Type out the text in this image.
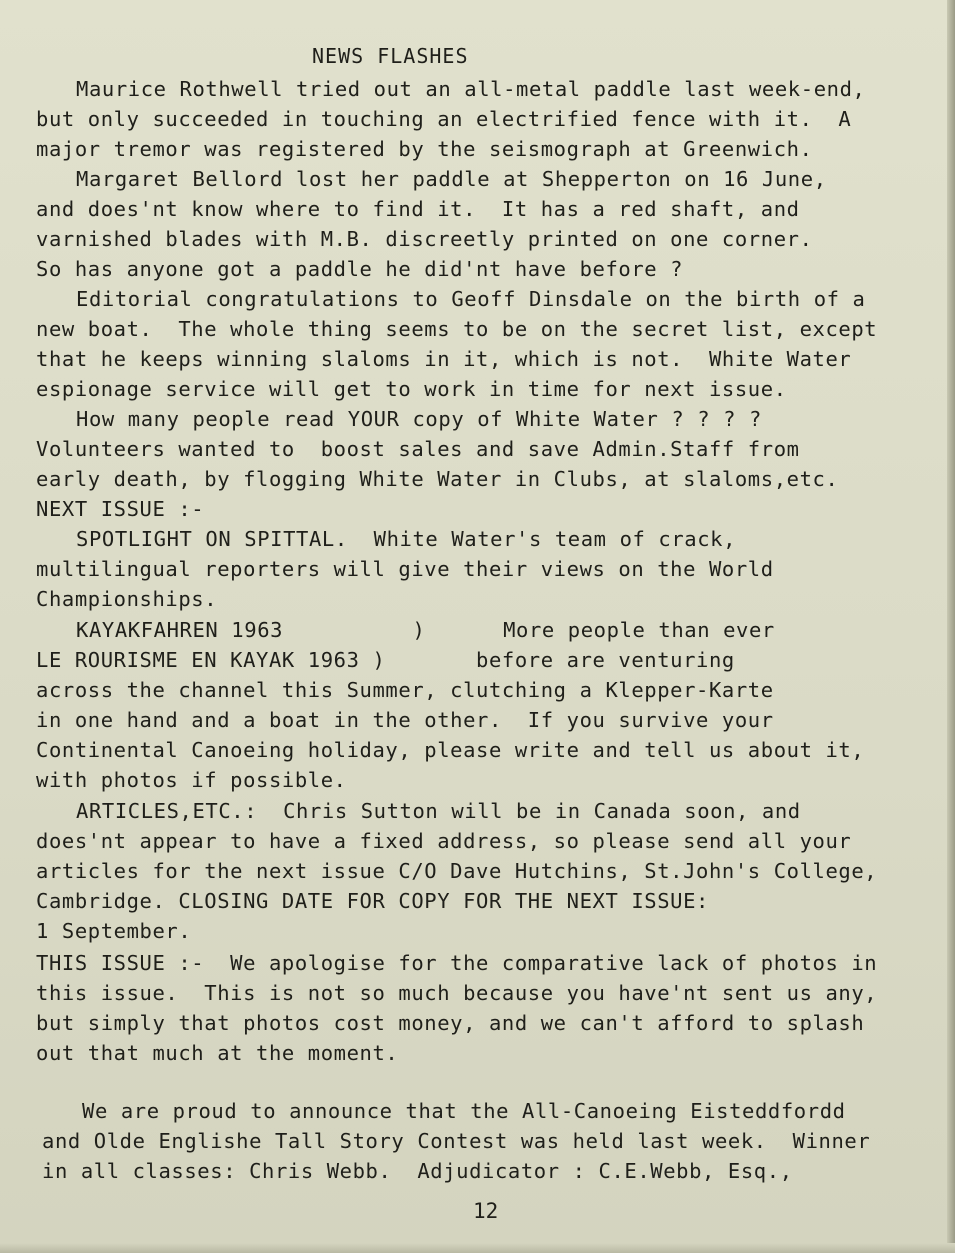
NEWS FLASHES
Maurice Rothwell tried out an all-metal paddle last week-end,
but only succeeded in touching an electrified fence with it.  A
major tremor was registered by the seismograph at Greenwich.
Margaret Bellord lost her paddle at Shepperton on 16 June,
and does'nt know where to find it.  It has a red shaft, and
varnished blades with M.B. discreetly printed on one corner.
So has anyone got a paddle he did'nt have before ?
Editorial congratulations to Geoff Dinsdale on the birth of a
new boat.  The whole thing seems to be on the secret list, except
that he keeps winning slaloms in it, which is not.  White Water
espionage service will get to work in time for next issue.
How many people read YOUR copy of White Water ? ? ? ?
Volunteers wanted to  boost sales and save Admin.Staff from
early death, by flogging White Water in Clubs, at slaloms,etc.
NEXT ISSUE :-
SPOTLIGHT ON SPITTAL.  White Water's team of crack,
multilingual reporters will give their views on the World
Championships.
KAYAKFAHREN 1963          )      More people than ever
LE ROURISME EN KAYAK 1963 )       before are venturing
across the channel this Summer, clutching a Klepper-Karte
in one hand and a boat in the other.  If you survive your
Continental Canoeing holiday, please write and tell us about it,
with photos if possible.
ARTICLES,ETC.:  Chris Sutton will be in Canada soon, and
does'nt appear to have a fixed address, so please send all your
articles for the next issue C/O Dave Hutchins, St.John's College,
Cambridge. CLOSING DATE FOR COPY FOR THE NEXT ISSUE:
1 September.
THIS ISSUE :-  We apologise for the comparative lack of photos in
this issue.  This is not so much because you have'nt sent us any,
but simply that photos cost money, and we can't afford to splash
out that much at the moment.
We are proud to announce that the All-Canoeing Eisteddfordd
and Olde Englishe Tall Story Contest was held last week.  Winner
in all classes: Chris Webb.  Adjudicator : C.E.Webb, Esq.,
12
